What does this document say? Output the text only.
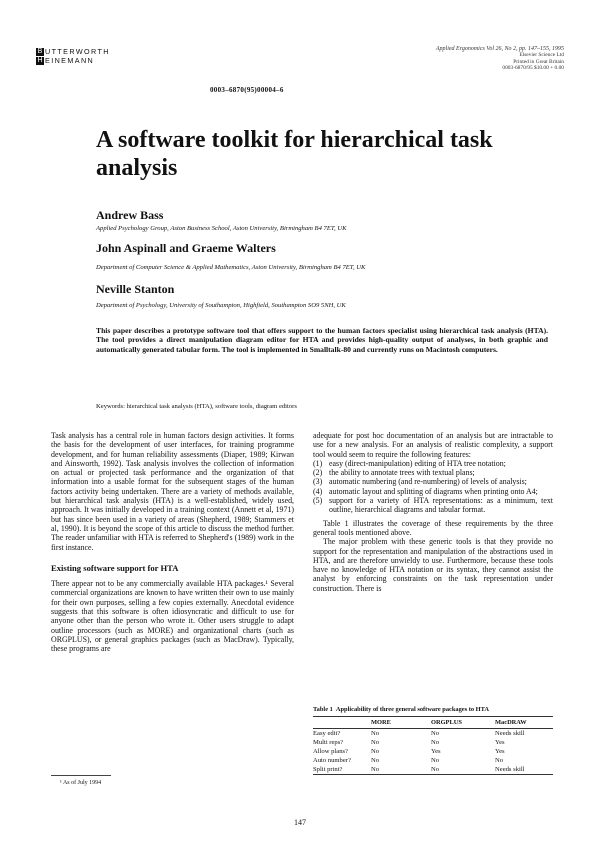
B UTTERWORTH
H EINEMANN
Applied Ergonomics Vol 26, No 2, pp. 147–155, 1995
Elsevier Science Ltd
Printed in Great Britain
0003-6870/95 $10.00 + 0.00
0003–6870(95)00004–6
A software toolkit for hierarchical task analysis
Andrew Bass
Applied Psychology Group, Aston Business School, Aston University, Birmingham B4 7ET, UK
John Aspinall and Graeme Walters
Department of Computer Science & Applied Mathematics, Aston University, Birmingham B4 7ET, UK
Neville Stanton
Department of Psychology, University of Southampton, Highfield, Southampton SO9 5NH, UK
This paper describes a prototype software tool that offers support to the human factors specialist using hierarchical task analysis (HTA). The tool provides a direct manipulation diagram editor for HTA and provides high-quality output of analyses, in both graphic and automatically generated tabular form. The tool is implemented in Smalltalk-80 and currently runs on Macintosh computers.
Keywords: hierarchical task analysis (HTA), software tools, diagram editors

Task analysis has a central role in human factors design activities. It forms the basis for the development of user interfaces, for training programme development, and for human reliability assessments (Diaper, 1989; Kirwan and Ainsworth, 1992). Task analysis involves the collection of information on actual or projected task performance and the organization of that information into a usable format for the subsequent stages of the human factors activity being undertaken. There are a variety of methods available, but hierarchical task analysis (HTA) is a well-established, widely used, approach. It was initially developed in a training context (Annett et al, 1971) but has since been used in a variety of areas (Shepherd, 1989; Stammers et al, 1990). It is beyond the scope of this article to discuss the method further. The reader unfamiliar with HTA is referred to Shepherd's (1989) work in the first instance.

Existing software support for HTA

There appear not to be any commercially available HTA packages.¹ Several commercial organizations are known to have written their own to use mainly for their own purposes, selling a few copies externally. Anecdotal evidence suggests that this software is often idiosyncratic and difficult to use for anyone other than the person who wrote it. Other users struggle to adapt outline processors (such as MORE) and organizational charts (such as ORGPLUS), or general graphics packages (such as MacDraw). Typically, these programs are

¹ As of July 1994

adequate for post hoc documentation of an analysis but are intractable to use for a new analysis. For an analysis of realistic complexity, a support tool would seem to require the following features:

(1) easy (direct-manipulation) editing of HTA tree notation;
(2) the ability to annotate trees with textual plans;
(3) automatic numbering (and re-numbering) of levels of analysis;
(4) automatic layout and splitting of diagrams when printing onto A4;
(5) support for a variety of HTA representations: as a minimum, text outline, hierarchical diagrams and tabular format.

Table 1 illustrates the coverage of these requirements by the three general tools mentioned above.

The major problem with these generic tools is that they provide no support for the representation and manipulation of the abstractions used in HTA, and are therefore unwieldy to use. Furthermore, because these tools have no knowledge of HTA notation or its syntax, they cannot assist the analyst by enforcing constraints on the task representation under construction. There is

Table 1 Applicability of three general software packages to HTA
	MORE	ORGPLUS	MacDRAW
Easy edit?	No	No	Needs skill
Multi reps?	No	No	Yes
Allow plans?	No	Yes	Yes
Auto number?	No	No	No
Split print?	No	No	Needs skill
147
